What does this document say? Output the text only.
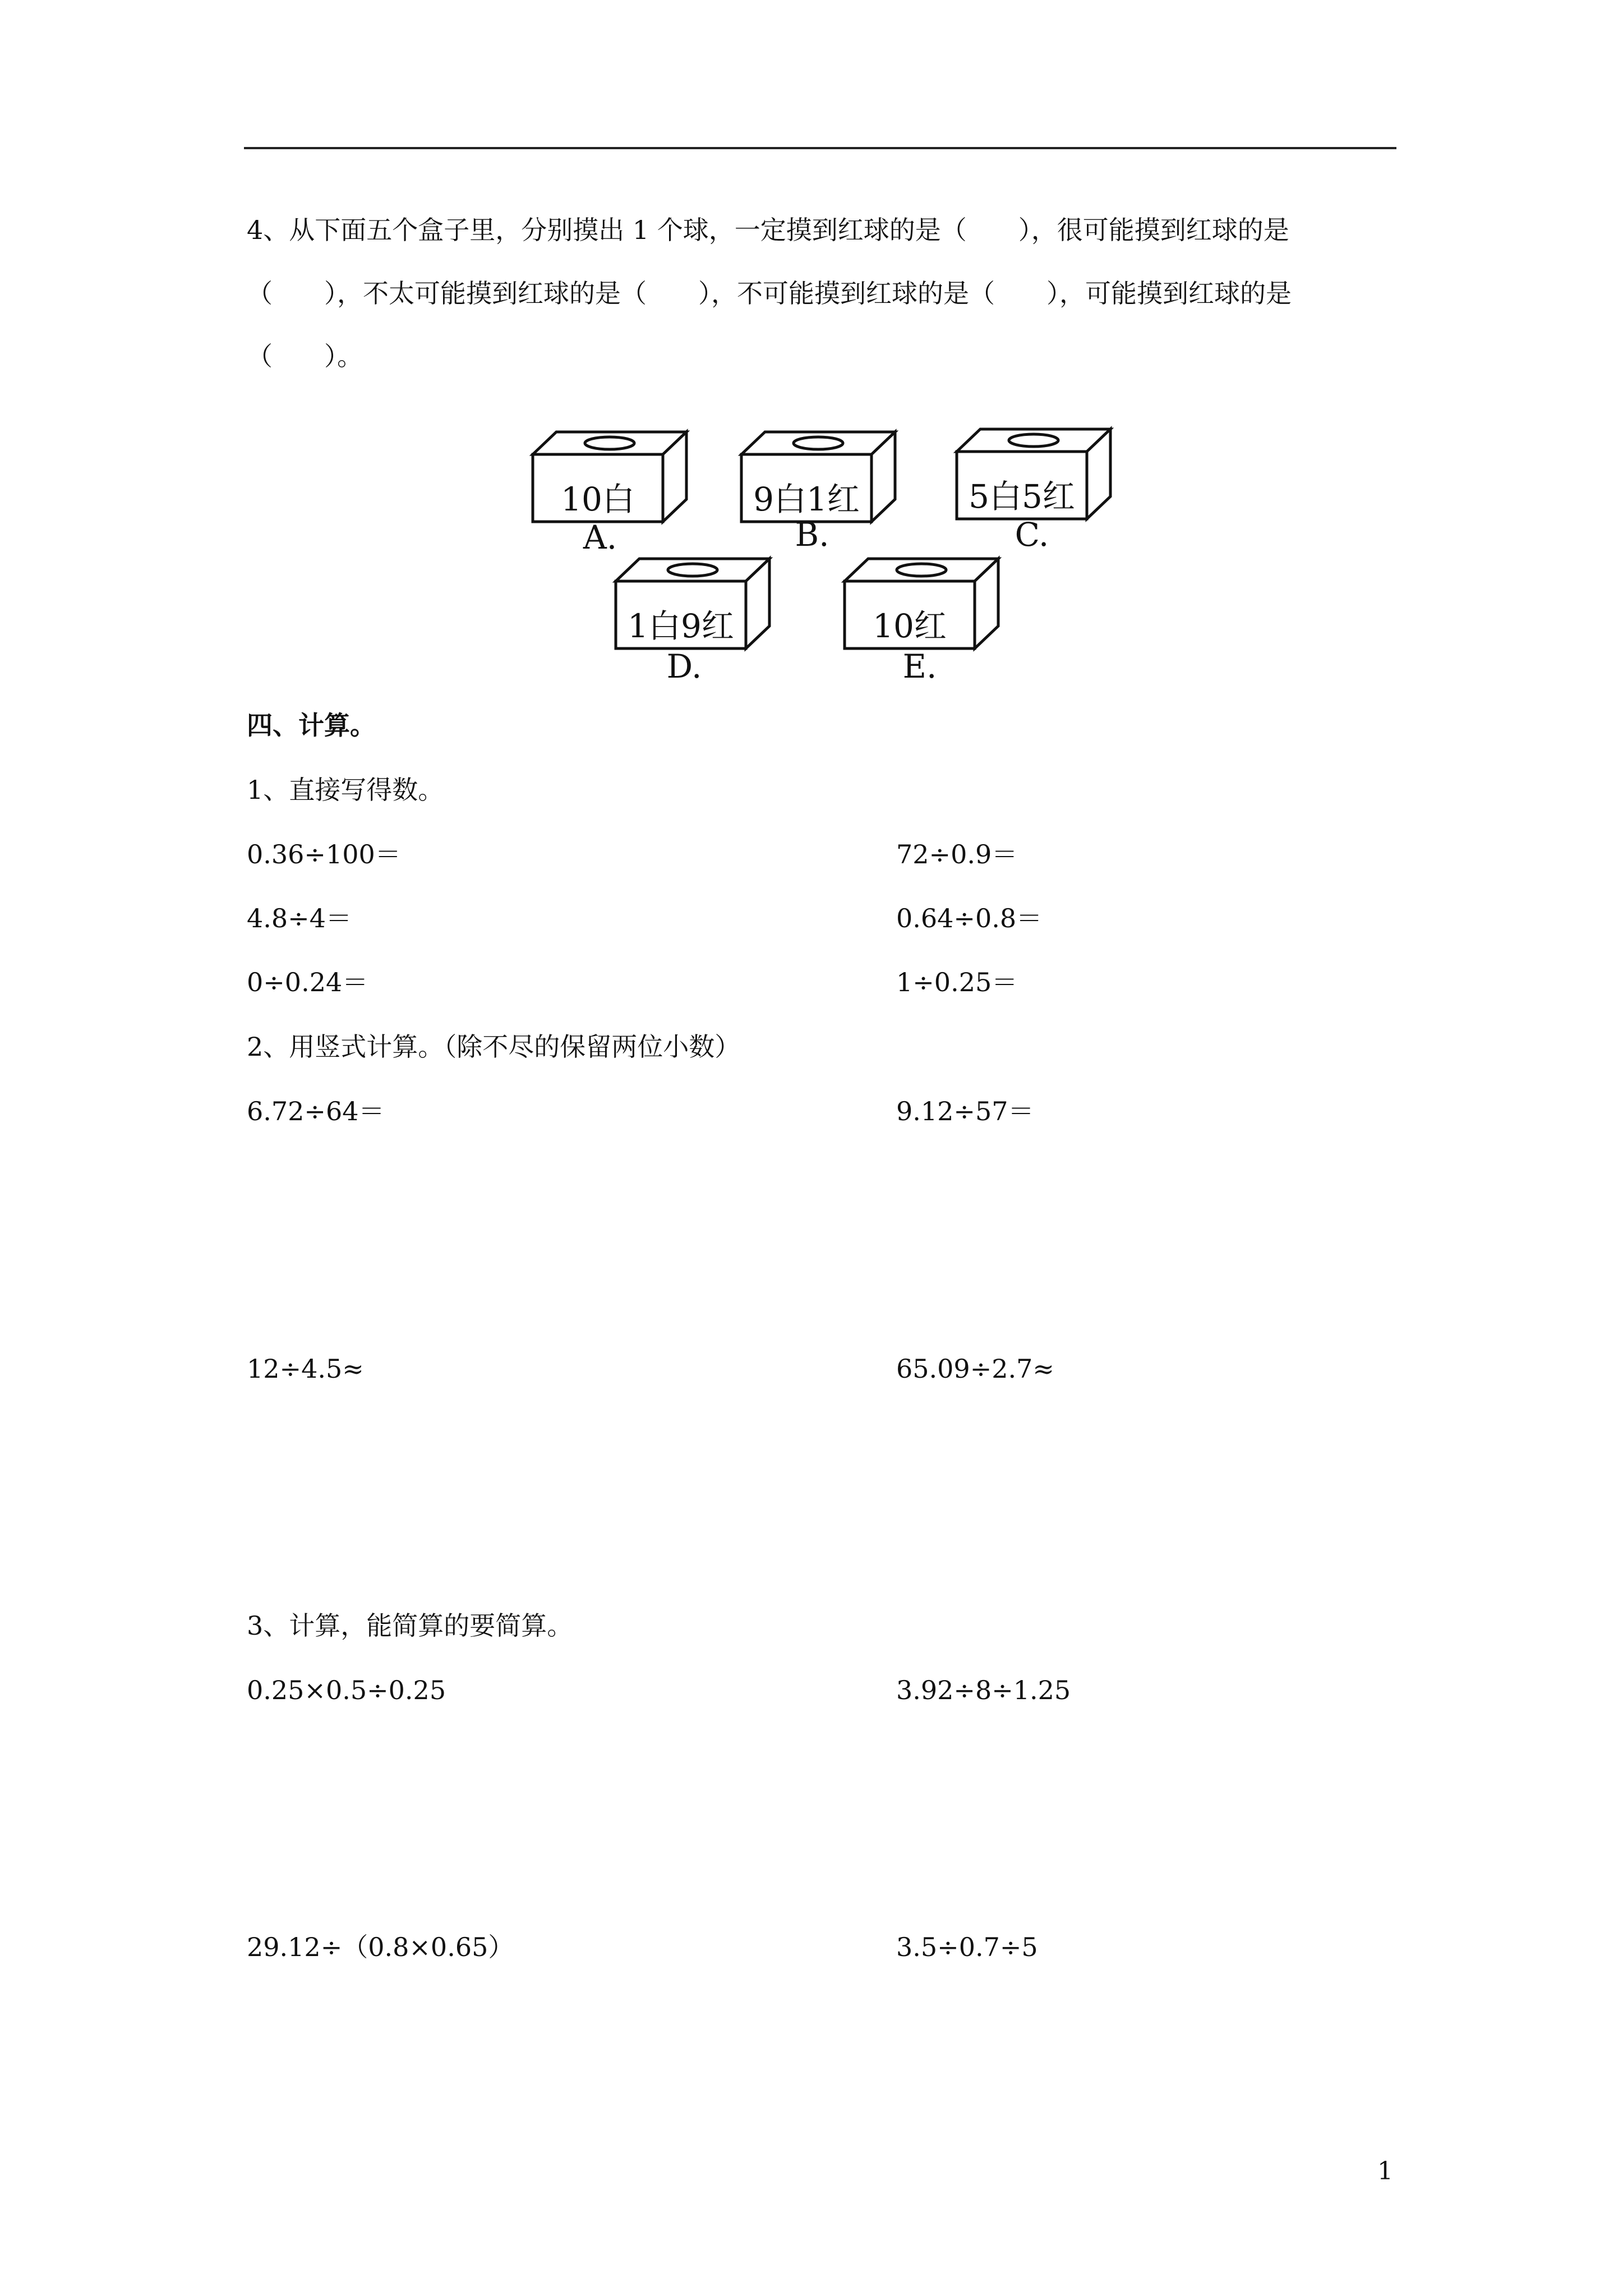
4、从下面五个盒子里，分别摸出 1 个球，一定摸到红球的是（　　），很可能摸到红球的是
（　　），不太可能摸到红球的是（　　），不可能摸到红球的是（　　），可能摸到红球的是
（　　）。
10白	9白1红	5白5红
1白9红	10红
A.	B.	C.
D.	E.
四、计算。
1、直接写得数。
0.36÷100＝	72÷0.9＝
4.8÷4＝	0.64÷0.8＝
0÷0.24＝	1÷0.25＝
2、用竖式计算。（除不尽的保留两位小数）
6.72÷64＝	9.12÷57＝
12÷4.5≈	65.09÷2.7≈
3、计算，能简算的要简算。
0.25×0.5÷0.25	3.92÷8÷1.25
29.12÷（0.8×0.65）	3.5÷0.7÷5
1
